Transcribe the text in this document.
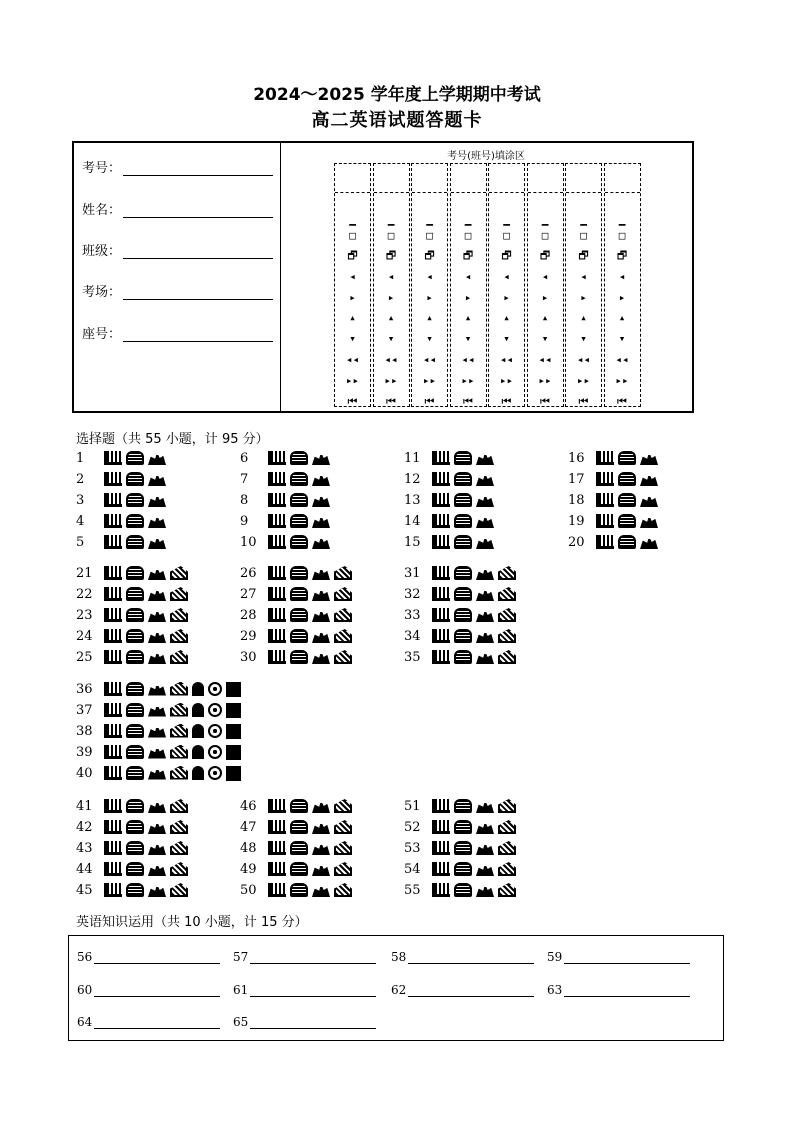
2024～2025 学年度上学期期中考试
高二英语试题答题卡
考号：
姓名：
班级：
考场：
座号：
考号(班号)填涂区
▁
□
🗗
◂
▸
▴
▾
◂◂
▸▸
⏮
▁
□
🗗
◂
▸
▴
▾
◂◂
▸▸
⏮
▁
□
🗗
◂
▸
▴
▾
◂◂
▸▸
⏮
▁
□
🗗
◂
▸
▴
▾
◂◂
▸▸
⏮
▁
□
🗗
◂
▸
▴
▾
◂◂
▸▸
⏮
▁
□
🗗
◂
▸
▴
▾
◂◂
▸▸
⏮
▁
□
🗗
◂
▸
▴
▾
◂◂
▸▸
⏮
▁
□
🗗
◂
▸
▴
▾
◂◂
▸▸
⏮
选择题（共 55 小题，计 95 分）
1
2
3
4
5
6
7
8
9
10
11
12
13
14
15
16
17
18
19
20
21
22
23
24
25
26
27
28
29
30
31
32
33
34
35
36
37
38
39
40
41
42
43
44
45
46
47
48
49
50
51
52
53
54
55
英语知识运用（共 10 小题，计 15 分）
56	57	58	59
60	61	62	63
64	65
